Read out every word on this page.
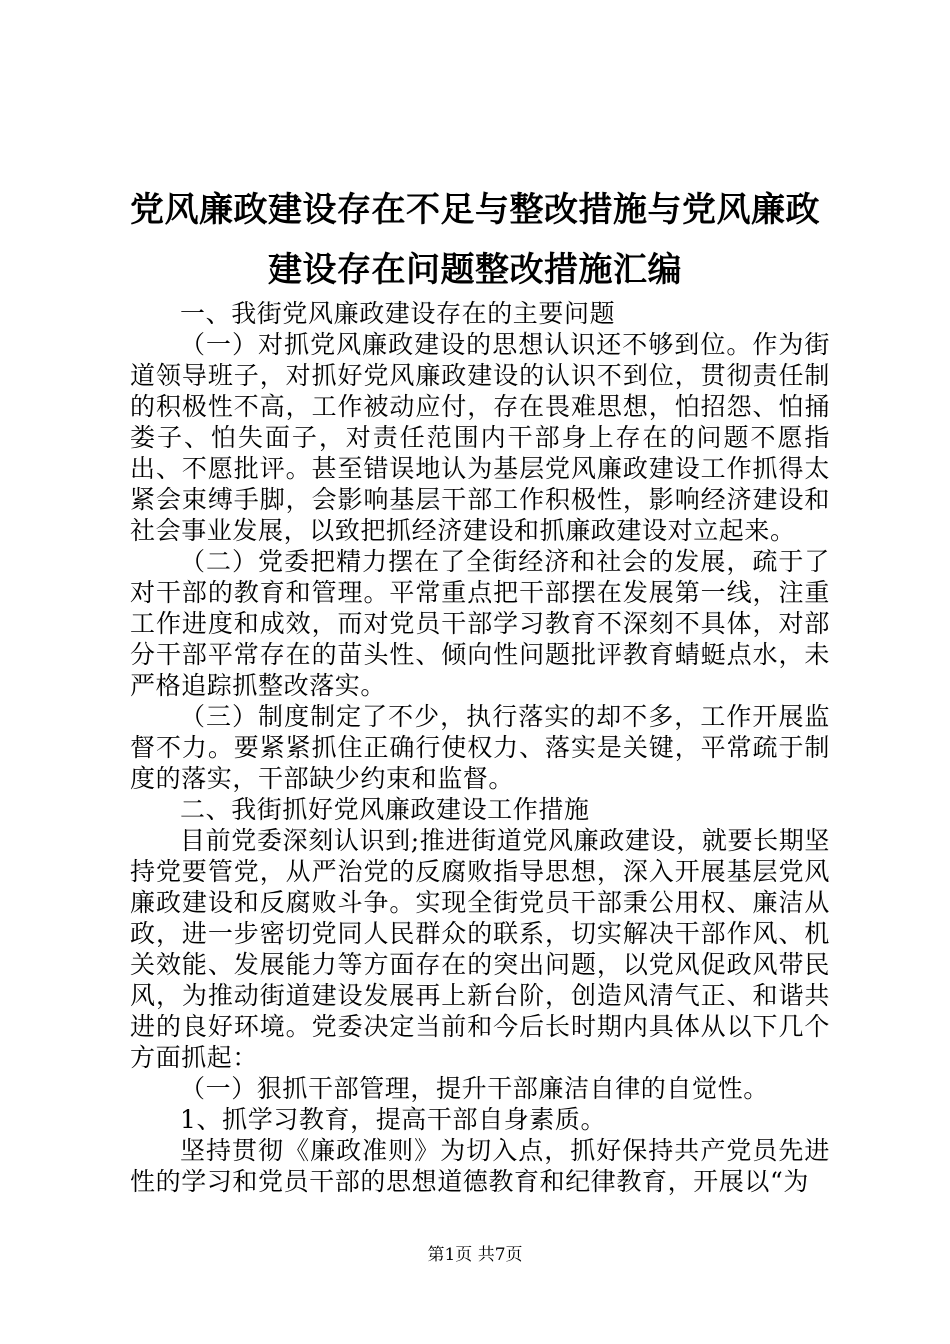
党风廉政建设存在不足与整改措施与党风廉政
建设存在问题整改措施汇编

一、我街党风廉政建设存在的主要问题

（一）对抓党风廉政建设的思想认识还不够到位。作为街道领导班子，对抓好党风廉政建设的认识不到位，贯彻责任制的积极性不高，工作被动应付，存在畏难思想，怕招怨、怕捅娄子、怕失面子，对责任范围内干部身上存在的问题不愿指出、不愿批评。甚至错误地认为基层党风廉政建设工作抓得太紧会束缚手脚，会影响基层干部工作积极性，影响经济建设和社会事业发展，以致把抓经济建设和抓廉政建设对立起来。

（二）党委把精力摆在了全街经济和社会的发展，疏于了对干部的教育和管理。平常重点把干部摆在发展第一线，注重工作进度和成效，而对党员干部学习教育不深刻不具体，对部分干部平常存在的苗头性、倾向性问题批评教育蜻蜓点水，未严格追踪抓整改落实。

（三）制度制定了不少，执行落实的却不多，工作开展监督不力。要紧紧抓住正确行使权力、落实是关键，平常疏于制度的落实，干部缺少约束和监督。

二、我街抓好党风廉政建设工作措施

目前党委深刻认识到;推进街道党风廉政建设，就要长期坚持党要管党，从严治党的反腐败指导思想，深入开展基层党风廉政建设和反腐败斗争。实现全街党员干部秉公用权、廉洁从政，进一步密切党同人民群众的联系，切实解决干部作风、机关效能、发展能力等方面存在的突出问题，以党风促政风带民风，为推动街道建设发展再上新台阶，创造风清气正、和谐共进的良好环境。党委决定当前和今后长时期内具体从以下几个方面抓起：

（一）狠抓干部管理，提升干部廉洁自律的自觉性。

1、抓学习教育，提高干部自身素质。

坚持贯彻《廉政准则》为切入点，抓好保持共产党员先进性的学习和党员干部的思想道德教育和纪律教育，开展以“为

第1页 共7页
